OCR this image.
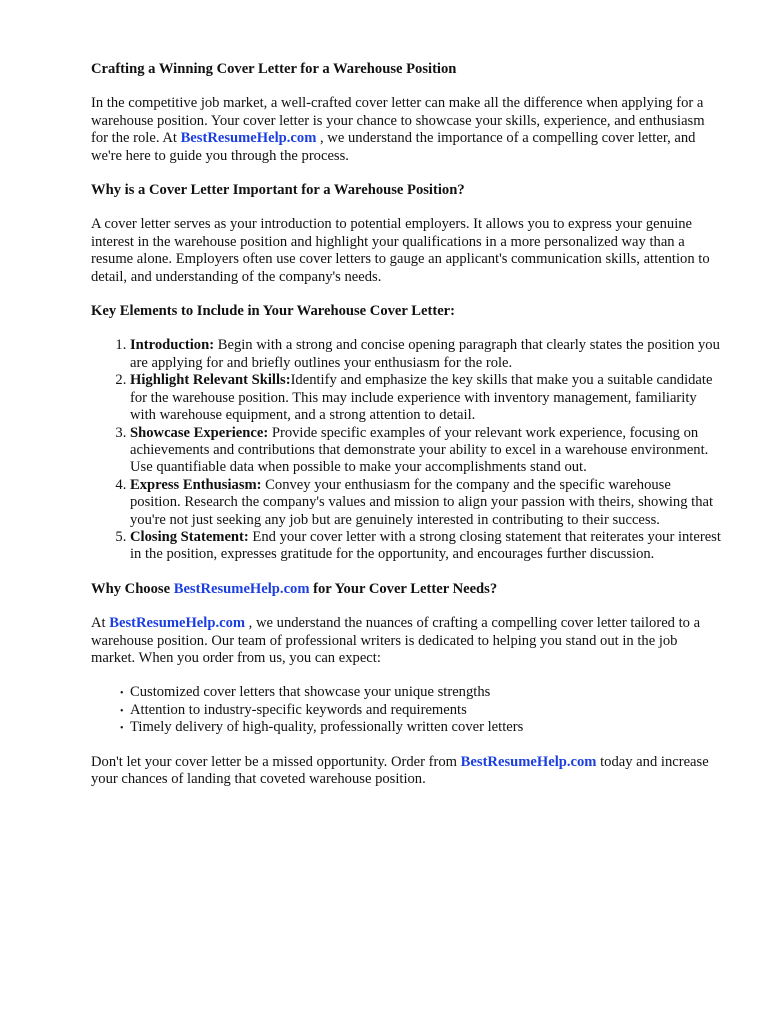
Crafting a Winning Cover Letter for a Warehouse Position

In the competitive job market, a well-crafted cover letter can make all the difference when applying for a warehouse position. Your cover letter is your chance to showcase your skills, experience, and enthusiasm for the role. At BestResumeHelp.com , we understand the importance of a compelling cover letter, and we're here to guide you through the process.

Why is a Cover Letter Important for a Warehouse Position?

A cover letter serves as your introduction to potential employers. It allows you to express your genuine interest in the warehouse position and highlight your qualifications in a more personalized way than a resume alone. Employers often use cover letters to gauge an applicant's communication skills, attention to detail, and understanding of the company's needs.

Key Elements to Include in Your Warehouse Cover Letter:
1. Introduction: Begin with a strong and concise opening paragraph that clearly states the position you are applying for and briefly outlines your enthusiasm for the role.
2. Highlight Relevant Skills:Identify and emphasize the key skills that make you a suitable candidate for the warehouse position. This may include experience with inventory management, familiarity with warehouse equipment, and a strong attention to detail.
3. Showcase Experience: Provide specific examples of your relevant work experience, focusing on achievements and contributions that demonstrate your ability to excel in a warehouse environment. Use quantifiable data when possible to make your accomplishments stand out.
4. Express Enthusiasm: Convey your enthusiasm for the company and the specific warehouse position. Research the company's values and mission to align your passion with theirs, showing that you're not just seeking any job but are genuinely interested in contributing to their success.
5. Closing Statement: End your cover letter with a strong closing statement that reiterates your interest in the position, expresses gratitude for the opportunity, and encourages further discussion.
Why Choose BestResumeHelp.com for Your Cover Letter Needs?

At BestResumeHelp.com , we understand the nuances of crafting a compelling cover letter tailored to a warehouse position. Our team of professional writers is dedicated to helping you stand out in the job market. When you order from us, you can expect:

• Customized cover letters that showcase your unique strengths
• Attention to industry-specific keywords and requirements
• Timely delivery of high-quality, professionally written cover letters

Don't let your cover letter be a missed opportunity. Order from BestResumeHelp.com today and increase your chances of landing that coveted warehouse position.
